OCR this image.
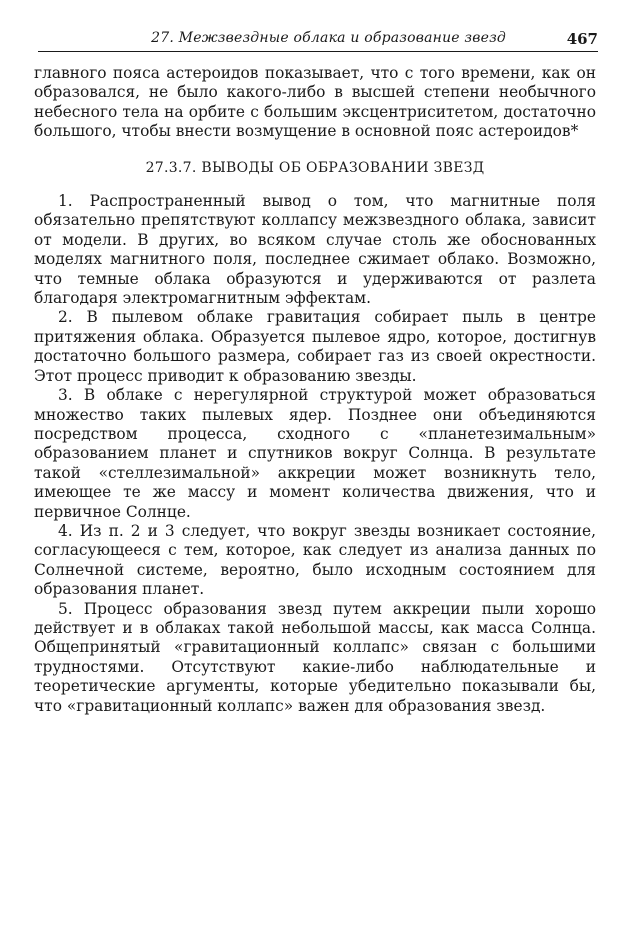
27. Межзвездные облака и образование звезд	467

главного пояса астероидов показывает, что с того времени, как он образовался, не было какого-либо в высшей степени необычного небесного тела на орбите с большим эксцентриситетом, достаточно большого, чтобы внести возмущение в основной пояс астероидов*

27.3.7. ВЫВОДЫ ОБ ОБРАЗОВАНИИ ЗВЕЗД

1. Распространенный вывод о том, что магнитные поля обязательно препятствуют коллапсу межзвездного облака, зависит от модели. В других, во всяком случае столь же обоснованных моделях магнитного поля, последнее сжимает облако. Возможно, что темные облака образуются и удерживаются от разлета благодаря электромагнитным эффектам.

2. В пылевом облаке гравитация собирает пыль в центре притяжения облака. Образуется пылевое ядро, которое, достигнув достаточно большого размера, собирает газ из своей окрестности. Этот процесс приводит к образованию звезды.

3. В облаке с нерегулярной структурой может образоваться множество таких пылевых ядер. Позднее они объединяются посредством процесса, сходного с «планетезимальным» образованием планет и спутников вокруг Солнца. В результате такой «стеллезимальной» аккреции может возникнуть тело, имеющее те же массу и момент количества движения, что и первичное Солнце.

4. Из п. 2 и 3 следует, что вокруг звезды возникает состояние, согласующееся с тем, которое, как следует из анализа данных по Солнечной системе, вероятно, было исходным состоянием для образования планет.

5. Процесс образования звезд путем аккреции пыли хорошо действует и в облаках такой небольшой массы, как масса Солнца. Общепринятый «гравитационный коллапс» связан с большими трудностями. Отсутствуют какие-либо наблюдательные и теоретические аргументы, которые убедительно показывали бы, что «гравитационный коллапс» важен для образования звезд.
